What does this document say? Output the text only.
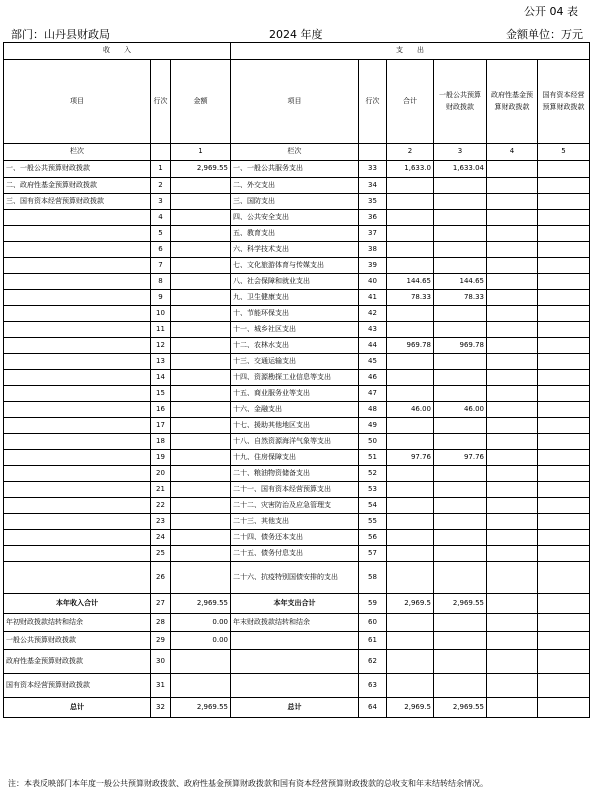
公开 04 表
部门：山丹县财政局	2024 年度	金额单位：万元
收　　入			支　　出					
项目	行次	金额	项目	行次	合计	一般公共预算财政拨款	政府性基金预算财政拨款	国有资本经营预算财政拨款
栏次		1	栏次		2	3	4	5
一、一般公共预算财政拨款	1	2,969.55	一、一般公共服务支出	33	1,633.0	1,633.04		
二、政府性基金预算财政拨款	2		二、外交支出	34				
三、国有资本经营预算财政拨款	3		三、国防支出	35				
	4		四、公共安全支出	36				
	5		五、教育支出	37				
	6		六、科学技术支出	38				
	7		七、文化旅游体育与传媒支出	39				
	8		八、社会保障和就业支出	40	144.65	144.65		
	9		九、卫生健康支出	41	78.33	78.33		
	10		十、节能环保支出	42				
	11		十一、城乡社区支出	43				
	12		十二、农林水支出	44	969.78	969.78		
	13		十三、交通运输支出	45				
	14		十四、资源勘探工业信息等支出	46				
	15		十五、商业服务业等支出	47				
	16		十六、金融支出	48	46.00	46.00		
	17		十七、援助其他地区支出	49				
	18		十八、自然资源海洋气象等支出	50				
	19		十九、住房保障支出	51	97.76	97.76		
	20		二十、粮油物资储备支出	52				
	21		二十一、国有资本经营预算支出	53				
	22		二十二、灾害防治及应急管理支	54				
	23		二十三、其他支出	55				
	24		二十四、债务还本支出	56				
	25		二十五、债务付息支出	57				
	26		二十六、抗疫特别国债安排的支出	58				
本年收入合计	27	2,969.55	本年支出合计	59	2,969.5	2,969.55		
年初财政拨款结转和结余	28	0.00	年末财政拨款结转和结余	60				
一般公共预算财政拨款	29	0.00		61				
政府性基金预算财政拨款	30			62				
国有资本经营预算财政拨款	31			63				
总计	32	2,969.55	总计	64	2,969.5	2,969.55		
注：本表反映部门本年度一般公共预算财政拨款、政府性基金预算财政拨款和国有资本经营预算财政拨款的总收支和年末结转结余情况。
